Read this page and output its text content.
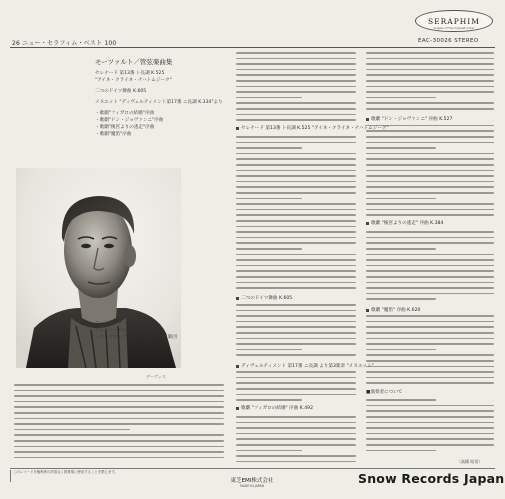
26 ニュー・セラフィム・ベスト 100
SERAPHIM
Angels of the highest order
EAC-30026 STEREO
モーツァルト／管弦楽曲集
セレナード 第13番 ト長調 K.525
"アイネ・クライネ・ナハトムジーク"
二つのドイツ舞曲 K.605
メヌエット "ディヴェルティメント第17番 ニ長調 K.334"より
・歌劇"フィガロの結婚"序曲
・歌劇"ドン・ジョヴァンニ"序曲
・歌劇"後宮よりの逃走"序曲
・歌劇"魔笛"序曲
デーヴィス
コーリン・デーヴィス指揮
フィルハーモニア管弦楽団
・ロイヤル・フィルハーモニー管弦楽団
セレナード 第13番 ト長調 K.525 "アイネ・クライネ・ナハトムジーク"
二つのドイツ舞曲 K.605
ディヴェルティメント 第17番 ニ長調 より第3楽章 "メヌエット"
歌劇 "フィガロの結婚" 序曲 K.492
歌劇 "ドン・ジョヴァンニ" 序曲 K.527
歌劇 "後宮よりの逃走" 序曲 K.384
歌劇 "魔笛" 序曲 K.620
■演奏者について
（高橋 昭男）
このレコードを権利者の許諾なく賃貸業に使用することを禁じます。
東芝EMI株式会社
MADE IN JAPAN	Snow Records Japan
